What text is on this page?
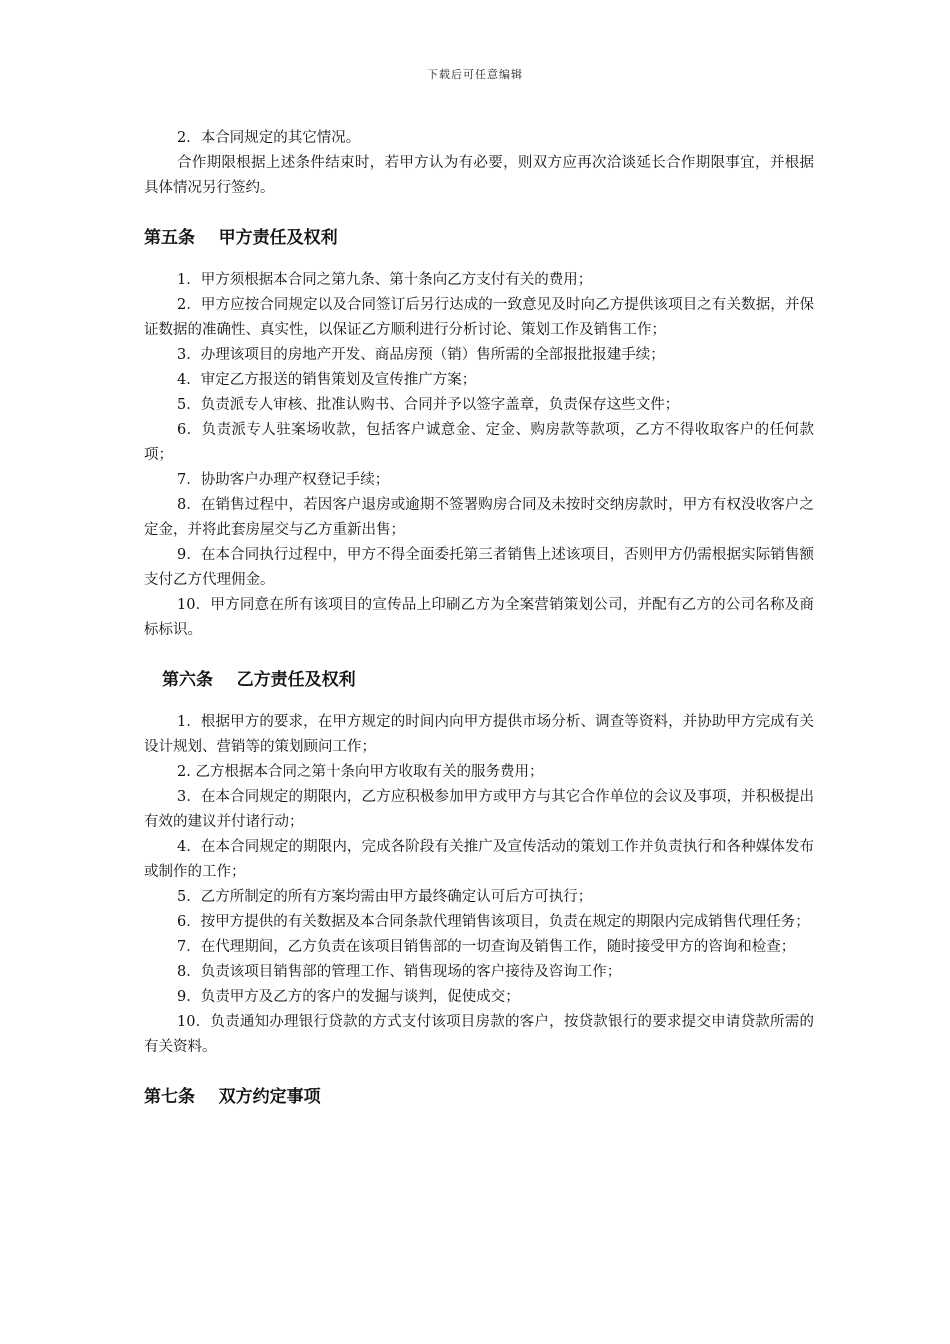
下载后可任意编辑

2．本合同规定的其它情况。

合作期限根据上述条件结束时，若甲方认为有必要，则双方应再次洽谈延长合作期限事宜，并根据具体情况另行签约。

第五条    甲方责任及权利

1．甲方须根据本合同之第九条、第十条向乙方支付有关的费用；

2．甲方应按合同规定以及合同签订后另行达成的一致意见及时向乙方提供该项目之有关数据，并保证数据的准确性、真实性，以保证乙方顺利进行分析讨论、策划工作及销售工作；

3．办理该项目的房地产开发、商品房预（销）售所需的全部报批报建手续；

4．审定乙方报送的销售策划及宣传推广方案；

5．负责派专人审核、批准认购书、合同并予以签字盖章，负责保存这些文件；

6．负责派专人驻案场收款，包括客户诚意金、定金、购房款等款项，乙方不得收取客户的任何款项；

7．协助客户办理产权登记手续；

8．在销售过程中，若因客户退房或逾期不签署购房合同及未按时交纳房款时，甲方有权没收客户之定金，并将此套房屋交与乙方重新出售；

9．在本合同执行过程中，甲方不得全面委托第三者销售上述该项目，否则甲方仍需根据实际销售额支付乙方代理佣金。

10．甲方同意在所有该项目的宣传品上印刷乙方为全案营销策划公司，并配有乙方的公司名称及商标标识。

第六条    乙方责任及权利

1．根据甲方的要求，在甲方规定的时间内向甲方提供市场分析、调查等资料，并协助甲方完成有关设计规划、营销等的策划顾问工作；

2. 乙方根据本合同之第十条向甲方收取有关的服务费用；

3．在本合同规定的期限内，乙方应积极参加甲方或甲方与其它合作单位的会议及事项，并积极提出有效的建议并付诸行动；

4．在本合同规定的期限内，完成各阶段有关推广及宣传活动的策划工作并负责执行和各种媒体发布或制作的工作；

5．乙方所制定的所有方案均需由甲方最终确定认可后方可执行；

6．按甲方提供的有关数据及本合同条款代理销售该项目，负责在规定的期限内完成销售代理任务；

7．在代理期间，乙方负责在该项目销售部的一切查询及销售工作，随时接受甲方的咨询和检查；

8．负责该项目销售部的管理工作、销售现场的客户接待及咨询工作；

9．负责甲方及乙方的客户的发掘与谈判，促使成交；

10．负责通知办理银行贷款的方式支付该项目房款的客户，按贷款银行的要求提交申请贷款所需的有关资料。

第七条    双方约定事项
